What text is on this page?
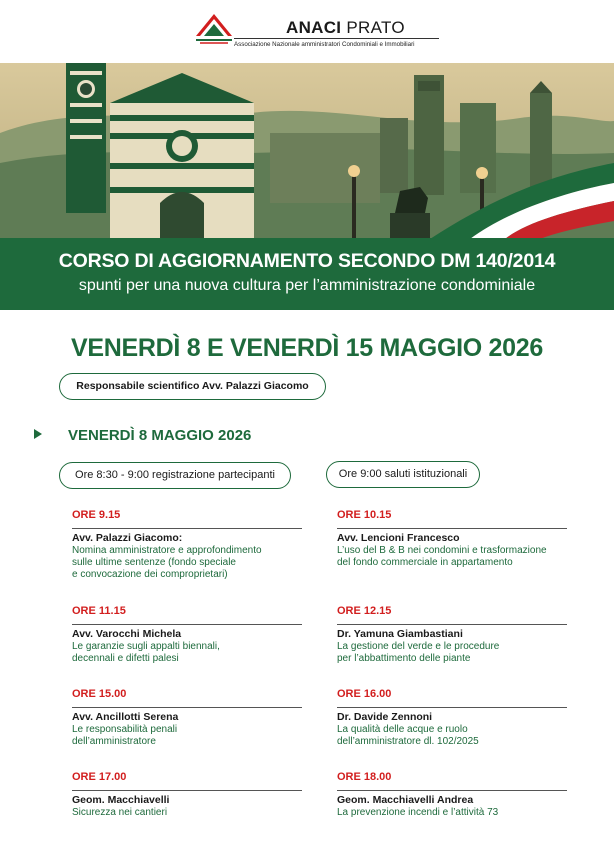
ANACI PRATO
Associazione Nazionale amministratori Condominiali e Immobiliari
CORSO DI AGGIORNAMENTO SECONDO DM 140/2014
spunti per una nuova cultura per l’amministrazione condominiale
VENERDÌ 8 E VENERDÌ 15 MAGGIO 2026
Responsabile scientifico Avv. Palazzi Giacomo
VENERDÌ 8 MAGGIO 2026
Ore 8:30 - 9:00 registrazione partecipanti	Ore 9:00 saluti istituzionali
ORE 9.15
Avv. Palazzi Giacomo:
Nomina amministratore e approfondimento
sulle ultime sentenze (fondo speciale
e convocazione dei comproprietari)
ORE 11.15
Avv. Varocchi Michela
Le garanzie sugli appalti biennali,
decennali e difetti palesi
ORE 15.00
Avv. Ancillotti Serena
Le responsabilità penali
dell’amministratore
ORE 17.00
Geom. Macchiavelli
Sicurezza nei cantieri
ORE 10.15
Avv. Lencioni Francesco
L’uso del B & B nei condomini e trasformazione
del fondo commerciale in appartamento
ORE 12.15
Dr. Yamuna Giambastiani
La gestione del verde e le procedure
per l’abbattimento delle piante
ORE 16.00
Dr. Davide Zennoni
La qualità delle acque e ruolo
dell’amministratore dl. 102/2025
ORE 18.00
Geom. Macchiavelli Andrea
La prevenzione incendi e l’attività 73
